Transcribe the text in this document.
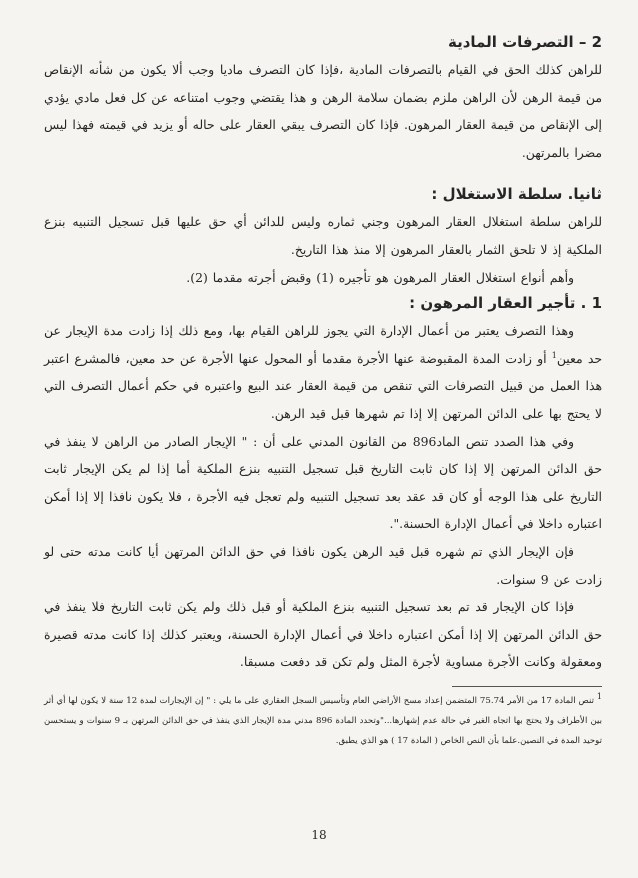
2 – التصرفات المادية

للراهن كذلك الحق في القيام بالتصرفات المادية ،فإذا كان التصرف ماديا وجب ألا يكون من شأنه الإنقاص من قيمة الرهن لأن الراهن ملزم بضمان سلامة الرهن و هذا يقتضي وجوب امتناعه عن كل فعل مادي يؤدي إلى الإنقاص من قيمة العقار المرهون. فإذا كان التصرف يبقي العقار على حاله أو يزيد في قيمته فهذا ليس مضرا بالمرتهن.

ثانيا. سلطة الاستغلال :

للراهن سلطة استغلال العقار المرهون وجني ثماره وليس للدائن أي حق عليها قبل تسجيل التنبيه بنزع الملكية إذ لا تلحق الثمار بالعقار المرهون إلا منذ هذا التاريخ.

وأهم أنواع استغلال العقار المرهون هو تأجيره (1) وقبض أجرته مقدما (2).

1 . تأجير العقار المرهون :

وهذا التصرف يعتبر من أعمال الإدارة التي يجوز للراهن القيام بها، ومع ذلك إذا زادت مدة الإيجار عن حد معين$^1$ أو زادت المدة المقبوضة عنها الأجرة مقدما أو المحول عنها الأجرة عن حد معين، فالمشرع اعتبر هذا العمل من قبيل التصرفات التي تنقص من قيمة العقار عند البيع واعتبره في حكم أعمال التصرف التي لا يحتج بها على الدائن المرتهن إلا إذا تم شهرها قبل قيد الرهن.

وفي هذا الصدد تنص الماد896 من القانون المدني على أن : " الإيجار الصادر من الراهن لا ينفذ في حق الدائن المرتهن إلا إذا كان ثابت التاريخ قبل تسجيل التنبيه بنزع الملكية أما إذا لم يكن الإيجار ثابت التاريخ على هذا الوجه أو كان قد عقد بعد تسجيل التنبيه ولم تعجل فيه الأجرة ، فلا يكون نافذا إلا إذا أمكن اعتباره داخلا في أعمال الإدارة الحسنة.".

فإن الإيجار الذي تم شهره قبل قيد الرهن يكون نافذا في حق الدائن المرتهن أيا كانت مدته حتى لو زادت عن 9 سنوات.

فإذا كان الإيجار قد تم بعد تسجيل التنبيه بنزع الملكية أو قبل ذلك ولم يكن ثابت التاريخ فلا ينفذ في حق الدائن المرتهن إلا إذا أمكن اعتباره داخلا في أعمال الإدارة الحسنة، ويعتبر كذلك إذا كانت مدته قصيرة ومعقولة وكانت الأجرة مساوية لأجرة المثل ولم تكن قد دفعت مسبقا.

$^1$ تنص المادة 17 من الأمر 75.74 المتضمن إعداد مسح الأراضي العام وتأسيس السجل العقاري على ما يلي : " إن الإيجارات لمدة 12 سنة لا يكون لها أي أثر بين الأطراف ولا يحتج بها اتجاه الغير في حالة عدم إشهارها..."وتحدد المادة 896 مدني مدة الإيجار الذي ينفذ في حق الدائن المرتهن بـ 9 سنوات و يستحسن توحيد المدة في النصين.علما بأن النص الخاص ( المادة 17 ) هو الذي يطبق.

18
